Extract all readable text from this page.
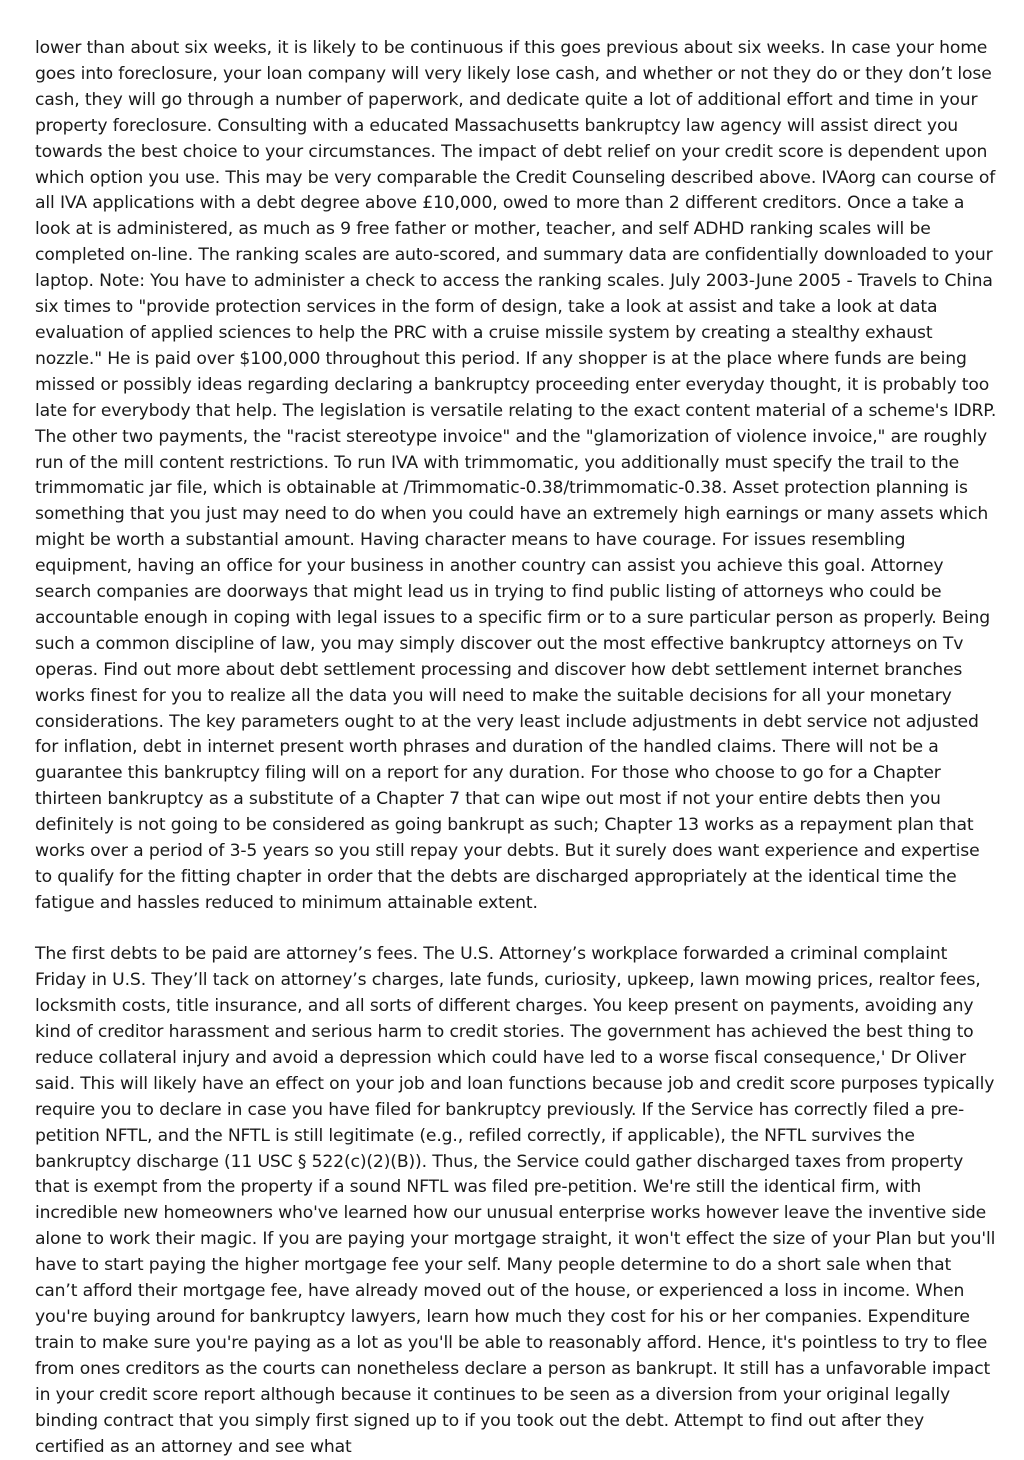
lower than about six weeks, it is likely to be continuous if this goes previous about six weeks. In case your home goes into foreclosure, your loan company will very likely lose cash, and whether or not they do or they don’t lose cash, they will go through a number of paperwork, and dedicate quite a lot of additional effort and time in your property foreclosure. Consulting with a educated Massachusetts bankruptcy law agency will assist direct you towards the best choice to your circumstances. The impact of debt relief on your credit score is dependent upon which option you use. This may be very comparable the Credit Counseling described above. IVAorg can course of all IVA applications with a debt degree above £10,000, owed to more than 2 different creditors. Once a take a look at is administered, as much as 9 free father or mother, teacher, and self ADHD ranking scales will be completed on-line. The ranking scales are auto-scored, and summary data are confidentially downloaded to your laptop. Note: You have to administer a check to access the ranking scales. July 2003-June 2005 - Travels to China six times to "provide protection services in the form of design, take a look at assist and take a look at data evaluation of applied sciences to help the PRC with a cruise missile system by creating a stealthy exhaust nozzle." He is paid over $100,000 throughout this period. If any shopper is at the place where funds are being missed or possibly ideas regarding declaring a bankruptcy proceeding enter everyday thought, it is probably too late for everybody that help. The legislation is versatile relating to the exact content material of a scheme's IDRP. The other two payments, the "racist stereotype invoice" and the "glamorization of violence invoice," are roughly run of the mill content restrictions. To run IVA with trimmomatic, you additionally must specify the trail to the trimmomatic jar file, which is obtainable at /Trimmomatic-0.38/trimmomatic-0.38. Asset protection planning is something that you just may need to do when you could have an extremely high earnings or many assets which might be worth a substantial amount. Having character means to have courage. For issues resembling equipment, having an office for your business in another country can assist you achieve this goal. Attorney search companies are doorways that might lead us in trying to find public listing of attorneys who could be accountable enough in coping with legal issues to a specific firm or to a sure particular person as properly. Being such a common discipline of law, you may simply discover out the most effective bankruptcy attorneys on Tv operas. Find out more about debt settlement processing and discover how debt settlement internet branches works finest for you to realize all the data you will need to make the suitable decisions for all your monetary considerations. The key parameters ought to at the very least include adjustments in debt service not adjusted for inflation, debt in internet present worth phrases and duration of the handled claims. There will not be a guarantee this bankruptcy filing will on a report for any duration. For those who choose to go for a Chapter thirteen bankruptcy as a substitute of a Chapter 7 that can wipe out most if not your entire debts then you definitely is not going to be considered as going bankrupt as such; Chapter 13 works as a repayment plan that works over a period of 3-5 years so you still repay your debts. But it surely does want experience and expertise to qualify for the fitting chapter in order that the debts are discharged appropriately at the identical time the fatigue and hassles reduced to minimum attainable extent.

The first debts to be paid are attorney’s fees. The U.S. Attorney’s workplace forwarded a criminal complaint Friday in U.S. They’ll tack on attorney’s charges, late funds, curiosity, upkeep, lawn mowing prices, realtor fees, locksmith costs, title insurance, and all sorts of different charges. You keep present on payments, avoiding any kind of creditor harassment and serious harm to credit stories. The government has achieved the best thing to reduce collateral injury and avoid a depression which could have led to a worse fiscal consequence,' Dr Oliver said. This will likely have an effect on your job and loan functions because job and credit score purposes typically require you to declare in case you have filed for bankruptcy previously. If the Service has correctly filed a pre-petition NFTL, and the NFTL is still legitimate (e.g., refiled correctly, if applicable), the NFTL survives the bankruptcy discharge (11 USC § 522(c)(2)(B)). Thus, the Service could gather discharged taxes from property that is exempt from the property if a sound NFTL was filed pre-petition. We're still the identical firm, with incredible new homeowners who've learned how our unusual enterprise works however leave the inventive side alone to work their magic. If you are paying your mortgage straight, it won't effect the size of your Plan but you'll have to start paying the higher mortgage fee your self. Many people determine to do a short sale when that can’t afford their mortgage fee, have already moved out of the house, or experienced a loss in income. When you're buying around for bankruptcy lawyers, learn how much they cost for his or her companies. Expenditure train to make sure you're paying as a lot as you'll be able to reasonably afford. Hence, it's pointless to try to flee from ones creditors as the courts can nonetheless declare a person as bankrupt. It still has a unfavorable impact in your credit score report although because it continues to be seen as a diversion from your original legally binding contract that you simply first signed up to if you took out the debt. Attempt to find out after they certified as an attorney and see what
